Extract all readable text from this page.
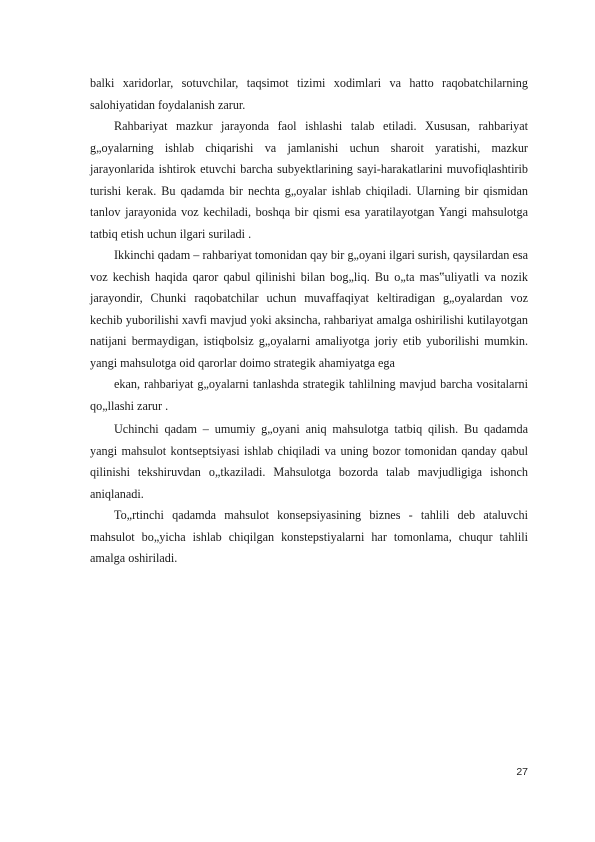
balki xaridorlar, sotuvchilar, taqsimot tizimi xodimlari va hatto raqobatchilarning salohiyatidan foydalanish zarur.

Rahbariyat mazkur jarayonda faol ishlashi talab etiladi. Xususan, rahbariyat g„oyalarning ishlab chiqarishi va jamlanishi uchun sharoit yaratishi, mazkur jarayonlarida ishtirok etuvchi barcha subyektlarining sayi-harakatlarini muvofiqlashtirib turishi kerak. Bu qadamda bir nechta g„oyalar ishlab chiqiladi. Ularning bir qismidan tanlov jarayonida voz kechiladi, boshqa bir qismi esa yaratilayotgan Yangi mahsulotga tatbiq etish uchun ilgari suriladi .

Ikkinchi qadam – rahbariyat tomonidan qay bir g„oyani ilgari surish, qaysilardan esa voz kechish haqida qaror qabul qilinishi bilan bog„liq. Bu o„ta mas‟uliyatli va nozik jarayondir, Chunki raqobatchilar uchun muvaffaqiyat keltiradigan g„oyalardan voz kechib yuborilishi xavfi mavjud yoki aksincha, rahbariyat amalga oshirilishi kutilayotgan natijani bermaydigan, istiqbolsiz g„oyalarni amaliyotga joriy etib yuborilishi mumkin. yangi mahsulotga oid qarorlar doimo strategik ahamiyatga ega

ekan, rahbariyat g„oyalarni tanlashda strategik tahlilning mavjud barcha vositalarni qo„llashi zarur .

Uchinchi qadam – umumiy g„oyani aniq mahsulotga tatbiq qilish. Bu qadamda yangi mahsulot kontseptsiyasi ishlab chiqiladi va uning bozor tomonidan qanday qabul qilinishi tekshiruvdan o„tkaziladi. Mahsulotga bozorda talab mavjudligiga ishonch aniqlanadi.

To„rtinchi qadamda mahsulot konsepsiyasining biznes - tahlili deb ataluvchi mahsulot bo„yicha ishlab chiqilgan konstepstiyalarni har tomonlama, chuqur tahlili amalga oshiriladi.

27
